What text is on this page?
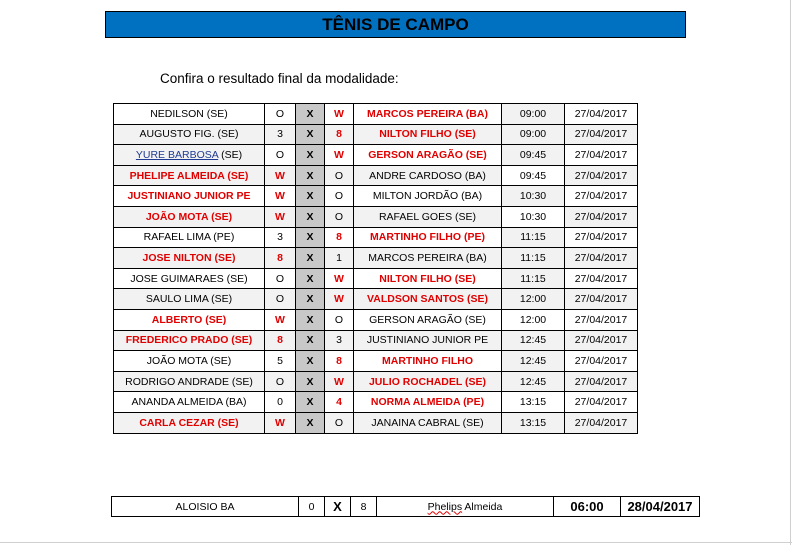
TÊNIS DE CAMPO
Confira o resultado final da modalidade:
NEDILSON (SE)	O	X	W	MARCOS PEREIRA (BA)	09:00	27/04/2017
AUGUSTO FIG. (SE)	3	X	8	NILTON FILHO (SE)	09:00	27/04/2017
YURE BARBOSA (SE)	O	X	W	GERSON ARAGÃO (SE)	09:45	27/04/2017
PHELIPE ALMEIDA (SE)	W	X	O	ANDRE CARDOSO (BA)	09:45	27/04/2017
JUSTINIANO JUNIOR PE	W	X	O	MILTON JORDÃO (BA)	10:30	27/04/2017
JOÃO MOTA (SE)	W	X	O	RAFAEL GOES (SE)	10:30	27/04/2017
RAFAEL LIMA (PE)	3	X	8	MARTINHO FILHO (PE)	11:15	27/04/2017
JOSE NILTON (SE)	8	X	1	MARCOS PEREIRA (BA)	11:15	27/04/2017
JOSE GUIMARAES (SE)	O	X	W	NILTON FILHO (SE)	11:15	27/04/2017
SAULO LIMA (SE)	O	X	W	VALDSON SANTOS (SE)	12:00	27/04/2017
ALBERTO (SE)	W	X	O	GERSON ARAGÃO (SE)	12:00	27/04/2017
FREDERICO PRADO (SE)	8	X	3	JUSTINIANO JUNIOR PE	12:45	27/04/2017
JOÃO MOTA (SE)	5	X	8	MARTINHO FILHO	12:45	27/04/2017
RODRIGO ANDRADE (SE)	O	X	W	JULIO ROCHADEL (SE)	12:45	27/04/2017
ANANDA ALMEIDA (BA)	0	X	4	NORMA ALMEIDA (PE)	13:15	27/04/2017
CARLA CEZAR (SE)	W	X	O	JANAINA CABRAL (SE)	13:15	27/04/2017
ALOISIO BA	0	X	8	Phelips Almeida	06:00	28/04/2017
